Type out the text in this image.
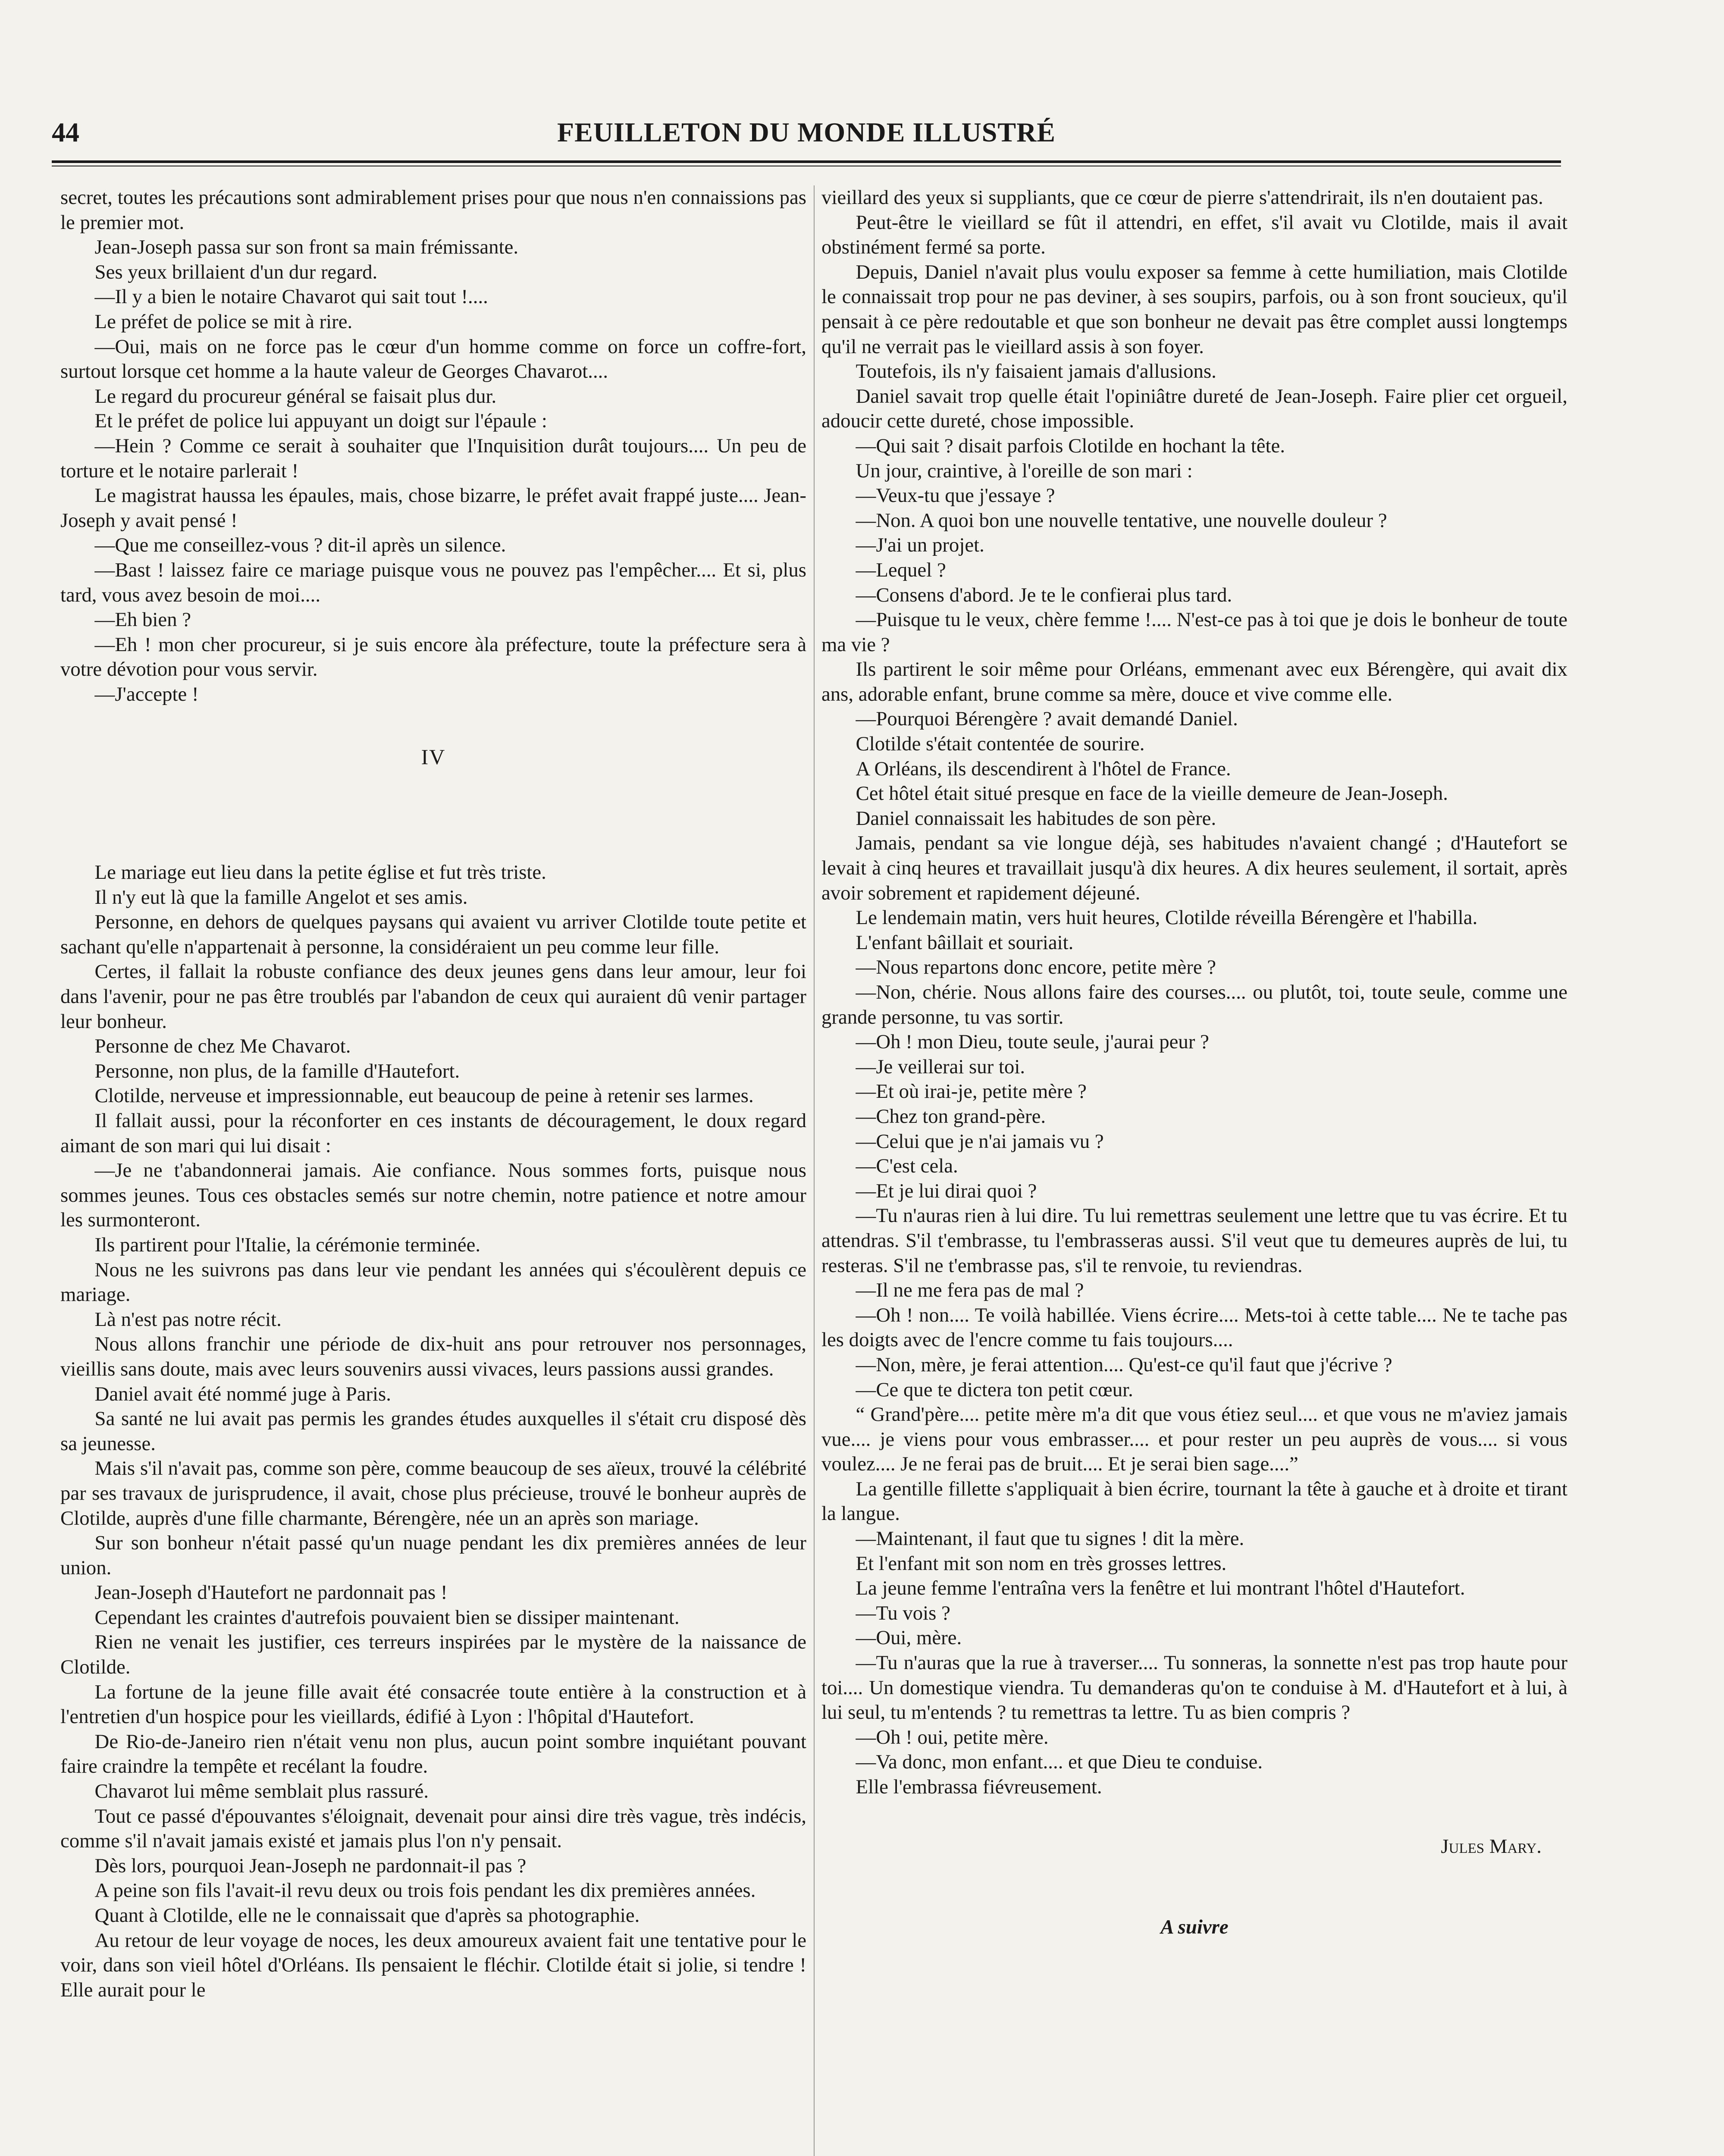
44	FEUILLETON DU MONDE ILLUSTRÉ

secret, toutes les précautions sont admirablement prises pour que nous n'en connaissions pas le premier mot.

Jean-Joseph passa sur son front sa main frémissante.

Ses yeux brillaient d'un dur regard.

—Il y a bien le notaire Chavarot qui sait tout !....

Le préfet de police se mit à rire.

—Oui, mais on ne force pas le cœur d'un homme comme on force un coffre-fort, surtout lorsque cet homme a la haute valeur de Georges Chavarot....

Le regard du procureur général se faisait plus dur.

Et le préfet de police lui appuyant un doigt sur l'épaule :

—Hein ? Comme ce serait à souhaiter que l'Inquisition durât toujours.... Un peu de torture et le notaire parlerait !

Le magistrat haussa les épaules, mais, chose bizarre, le préfet avait frappé juste.... Jean-Joseph y avait pensé !

—Que me conseillez-vous ? dit-il après un silence.

—Bast ! laissez faire ce mariage puisque vous ne pouvez pas l'empêcher.... Et si, plus tard, vous avez besoin de moi....

—Eh bien ?

—Eh ! mon cher procureur, si je suis encore àla préfecture, toute la préfecture sera à votre dévotion pour vous servir.

—J'accepte !

IV

Le mariage eut lieu dans la petite église et fut très triste.

Il n'y eut là que la famille Angelot et ses amis.

Personne, en dehors de quelques paysans qui avaient vu arriver Clotilde toute petite et sachant qu'elle n'appartenait à personne, la considéraient un peu comme leur fille.

Certes, il fallait la robuste confiance des deux jeunes gens dans leur amour, leur foi dans l'avenir, pour ne pas être troublés par l'abandon de ceux qui auraient dû venir partager leur bonheur.

Personne de chez Me Chavarot.

Personne, non plus, de la famille d'Hautefort.

Clotilde, nerveuse et impressionnable, eut beaucoup de peine à retenir ses larmes.

Il fallait aussi, pour la réconforter en ces instants de découragement, le doux regard aimant de son mari qui lui disait :

—Je ne t'abandonnerai jamais. Aie confiance. Nous sommes forts, puisque nous sommes jeunes. Tous ces obstacles semés sur notre chemin, notre patience et notre amour les surmonteront.

Ils partirent pour l'Italie, la cérémonie terminée.

Nous ne les suivrons pas dans leur vie pendant les années qui s'écoulèrent depuis ce mariage.

Là n'est pas notre récit.

Nous allons franchir une période de dix-huit ans pour retrouver nos personnages, vieillis sans doute, mais avec leurs souvenirs aussi vivaces, leurs passions aussi grandes.

Daniel avait été nommé juge à Paris.

Sa santé ne lui avait pas permis les grandes études auxquelles il s'était cru disposé dès sa jeunesse.

Mais s'il n'avait pas, comme son père, comme beaucoup de ses aïeux, trouvé la célébrité par ses travaux de jurisprudence, il avait, chose plus précieuse, trouvé le bonheur auprès de Clotilde, auprès d'une fille charmante, Bérengère, née un an après son mariage.

Sur son bonheur n'était passé qu'un nuage pendant les dix premières années de leur union.

Jean-Joseph d'Hautefort ne pardonnait pas !

Cependant les craintes d'autrefois pouvaient bien se dissiper maintenant.

Rien ne venait les justifier, ces terreurs inspirées par le mystère de la naissance de Clotilde.

La fortune de la jeune fille avait été consacrée toute entière à la construction et à l'entretien d'un hospice pour les vieillards, édifié à Lyon : l'hôpital d'Hautefort.

De Rio-de-Janeiro rien n'était venu non plus, aucun point sombre inquiétant pouvant faire craindre la tempête et recélant la foudre.

Chavarot lui même semblait plus rassuré.

Tout ce passé d'épouvantes s'éloignait, devenait pour ainsi dire très vague, très indécis, comme s'il n'avait jamais existé et jamais plus l'on n'y pensait.

Dès lors, pourquoi Jean-Joseph ne pardonnait-il pas ?

A peine son fils l'avait-il revu deux ou trois fois pendant les dix premières années.

Quant à Clotilde, elle ne le connaissait que d'après sa photographie.

Au retour de leur voyage de noces, les deux amoureux avaient fait une tentative pour le voir, dans son vieil hôtel d'Orléans. Ils pensaient le fléchir. Clotilde était si jolie, si tendre ! Elle aurait pour le

vieillard des yeux si suppliants, que ce cœur de pierre s'attendrirait, ils n'en doutaient pas.

Peut-être le vieillard se fût il attendri, en effet, s'il avait vu Clotilde, mais il avait obstinément fermé sa porte.

Depuis, Daniel n'avait plus voulu exposer sa femme à cette humiliation, mais Clotilde le connaissait trop pour ne pas deviner, à ses soupirs, parfois, ou à son front soucieux, qu'il pensait à ce père redoutable et que son bonheur ne devait pas être complet aussi longtemps qu'il ne verrait pas le vieillard assis à son foyer.

Toutefois, ils n'y faisaient jamais d'allusions.

Daniel savait trop quelle était l'opiniâtre dureté de Jean-Joseph. Faire plier cet orgueil, adoucir cette dureté, chose impossible.

—Qui sait ? disait parfois Clotilde en hochant la tête.

Un jour, craintive, à l'oreille de son mari :

—Veux-tu que j'essaye ?

—Non. A quoi bon une nouvelle tentative, une nouvelle douleur ?

—J'ai un projet.

—Lequel ?

—Consens d'abord. Je te le confierai plus tard.

—Puisque tu le veux, chère femme !.... N'est-ce pas à toi que je dois le bonheur de toute ma vie ?

Ils partirent le soir même pour Orléans, emmenant avec eux Bérengère, qui avait dix ans, adorable enfant, brune comme sa mère, douce et vive comme elle.

—Pourquoi Bérengère ? avait demandé Daniel.

Clotilde s'était contentée de sourire.

A Orléans, ils descendirent à l'hôtel de France.

Cet hôtel était situé presque en face de la vieille demeure de Jean-Joseph.

Daniel connaissait les habitudes de son père.

Jamais, pendant sa vie longue déjà, ses habitudes n'avaient changé ; d'Hautefort se levait à cinq heures et travaillait jusqu'à dix heures. A dix heures seulement, il sortait, après avoir sobrement et rapidement déjeuné.

Le lendemain matin, vers huit heures, Clotilde réveilla Bérengère et l'habilla.

L'enfant bâillait et souriait.

—Nous repartons donc encore, petite mère ?

—Non, chérie. Nous allons faire des courses.... ou plutôt, toi, toute seule, comme une grande personne, tu vas sortir.

—Oh ! mon Dieu, toute seule, j'aurai peur ?

—Je veillerai sur toi.

—Et où irai-je, petite mère ?

—Chez ton grand-père.

—Celui que je n'ai jamais vu ?

—C'est cela.

—Et je lui dirai quoi ?

—Tu n'auras rien à lui dire. Tu lui remettras seulement une lettre que tu vas écrire. Et tu attendras. S'il t'embrasse, tu l'embrasseras aussi. S'il veut que tu demeures auprès de lui, tu resteras. S'il ne t'embrasse pas, s'il te renvoie, tu reviendras.

—Il ne me fera pas de mal ?

—Oh ! non.... Te voilà habillée. Viens écrire.... Mets-toi à cette table.... Ne te tache pas les doigts avec de l'encre comme tu fais toujours....

—Non, mère, je ferai attention.... Qu'est-ce qu'il faut que j'écrive ?

—Ce que te dictera ton petit cœur.

“ Grand'père.... petite mère m'a dit que vous étiez seul.... et que vous ne m'aviez jamais vue.... je viens pour vous embrasser.... et pour rester un peu auprès de vous.... si vous voulez.... Je ne ferai pas de bruit.... Et je serai bien sage....”

La gentille fillette s'appliquait à bien écrire, tournant la tête à gauche et à droite et tirant la langue.

—Maintenant, il faut que tu signes ! dit la mère.

Et l'enfant mit son nom en très grosses lettres.

La jeune femme l'entraîna vers la fenêtre et lui montrant l'hôtel d'Hautefort.

—Tu vois ?

—Oui, mère.

—Tu n'auras que la rue à traverser.... Tu sonneras, la sonnette n'est pas trop haute pour toi.... Un domestique viendra. Tu demanderas qu'on te conduise à M. d'Hautefort et à lui, à lui seul, tu m'entends ? tu remettras ta lettre. Tu as bien compris ?

—Oh ! oui, petite mère.

—Va donc, mon enfant.... et que Dieu te conduise.

Elle l'embrassa fiévreusement.

Jules Mary.

A suivre
